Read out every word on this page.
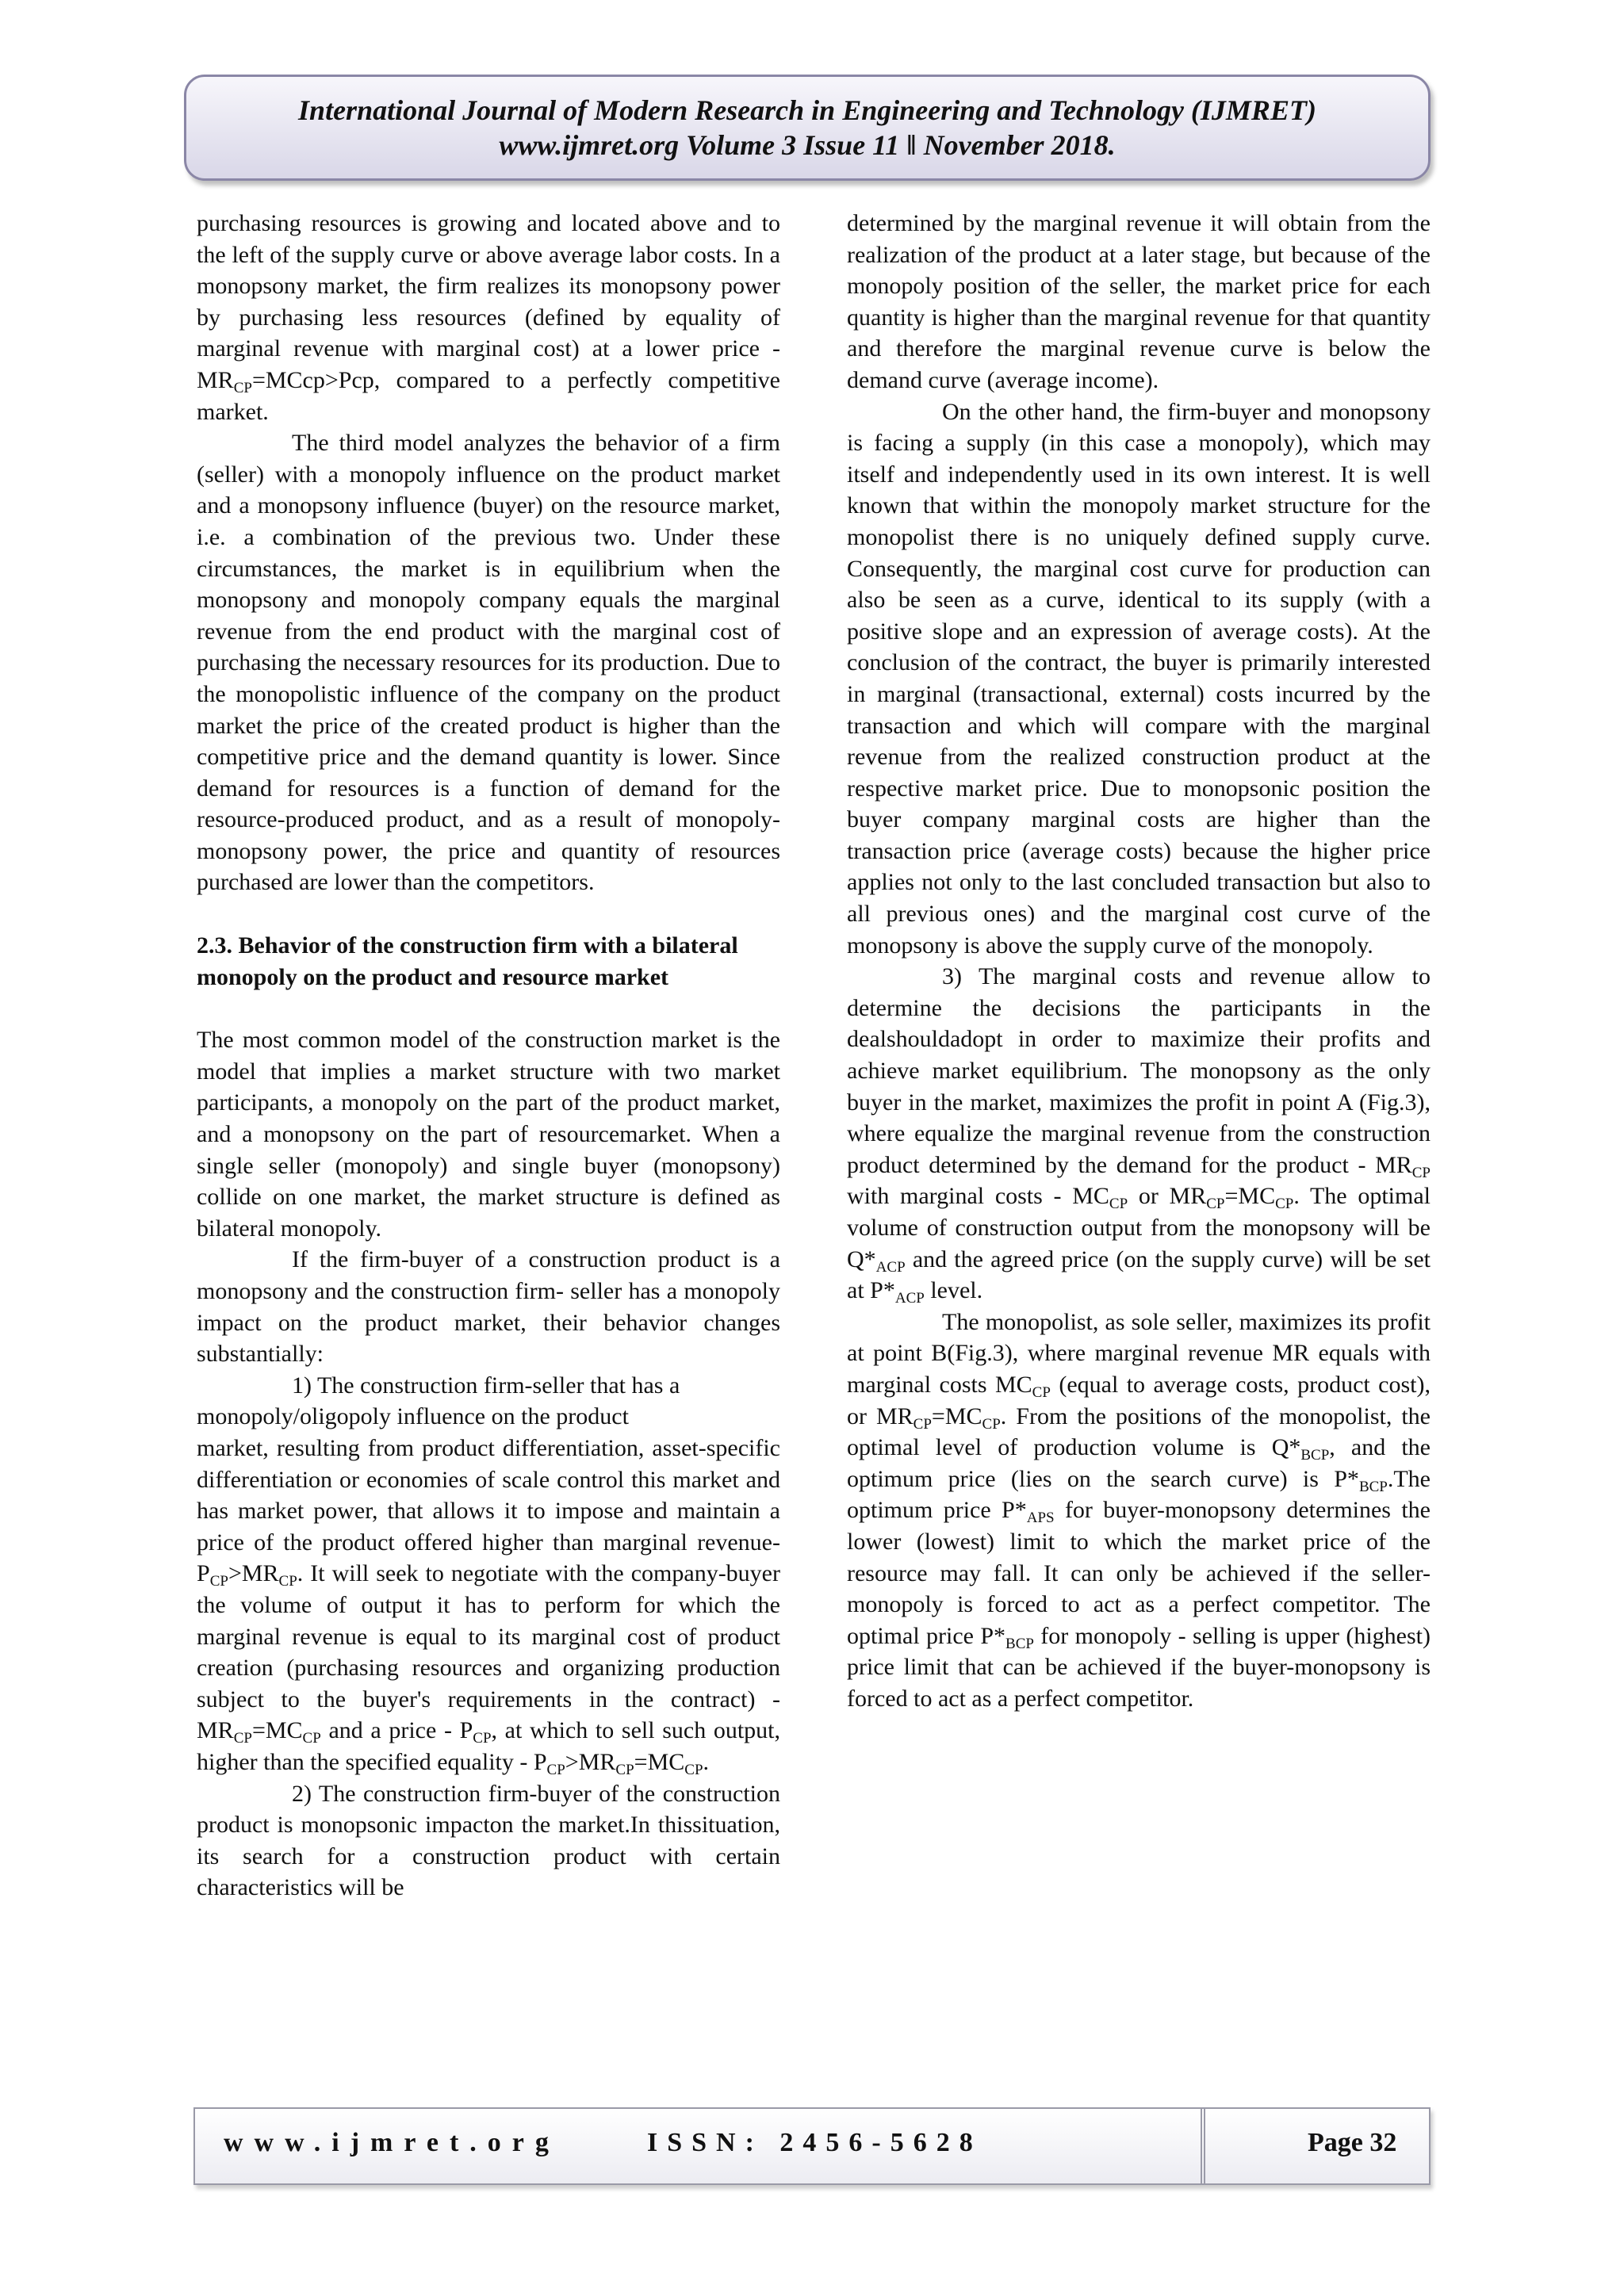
International Journal of Modern Research in Engineering and Technology (IJMRET)
www.ijmret.org Volume 3 Issue 11 ǁ November 2018.

purchasing resources is growing and located above and to the left of the supply curve or above average labor costs. In a monopsony market, the firm realizes its monopsony power by purchasing less resources (defined by equality of marginal revenue with marginal cost) at a lower price - $MR_{CP}=MCcp>Pcp$, compared to a perfectly competitive market.

The third model analyzes the behavior of a firm (seller) with a monopoly influence on the product market and a monopsony influence (buyer) on the resource market, i.e. a combination of the previous two. Under these circumstances, the market is in equilibrium when the monopsony and monopoly company equals the marginal revenue from the end product with the marginal cost of purchasing the necessary resources for its production. Due to the monopolistic influence of the company on the product market the price of the created product is higher than the competitive price and the demand quantity is lower. Since demand for resources is a function of demand for the resource-produced product, and as a result of monopoly-monopsony power, the price and quantity of resources purchased are lower than the competitors.

2.3. Behavior of the construction firm with a bilateral monopoly on the product and resource market

The most common model of the construction market is the model that implies a market structure with two market participants, a monopoly on the part of the product market, and a monopsony on the part of resourcemarket. When a single seller (monopoly) and single buyer (monopsony) collide on one market, the market structure is defined as bilateral monopoly.

If the firm-buyer of a construction product is a monopsony and the construction firm- seller has a monopoly impact on the product market, their behavior changes substantially:

1) The construction firm-seller that has a monopoly/oligopoly influence on the product

market, resulting from product differentiation, asset-specific differentiation or economies of scale control this market and has market power, that allows it to impose and maintain a price of the product offered higher than marginal revenue- $P_{CP}>MR_{CP}$. It will seek to negotiate with the company-buyer the volume of output it has to perform for which the marginal revenue is equal to its marginal cost of product creation (purchasing resources and organizing production subject to the buyer's requirements in the contract) - $MR_{CP}=MC_{CP}$ and a price - $P_{CP}$, at which to sell such output, higher than the specified equality - $P_{CP}>MR_{CP}=MC_{CP}$.

2) The construction firm-buyer of the construction product is monopsonic impacton the market.In thissituation, its search for a construction product with certain characteristics will be

determined by the marginal revenue it will obtain from the realization of the product at a later stage, but because of the monopoly position of the seller, the market price for each quantity is higher than the marginal revenue for that quantity and therefore the marginal revenue curve is below the demand curve (average income).

On the other hand, the firm-buyer and monopsony is facing a supply (in this case a monopoly), which may itself and independently used in its own interest. It is well known that within the monopoly market structure for the monopolist there is no uniquely defined supply curve. Consequently, the marginal cost curve for production can also be seen as a curve, identical to its supply (with a positive slope and an expression of average costs). At the conclusion of the contract, the buyer is primarily interested in marginal (transactional, external) costs incurred by the transaction and which will compare with the marginal revenue from the realized construction product at the respective market price. Due to monopsonic position the buyer company marginal costs are higher than the transaction price (average costs) because the higher price applies not only to the last concluded transaction but also to all previous ones) and the marginal cost curve of the monopsony is above the supply curve of the monopoly.

3) The marginal costs and revenue allow to determine the decisions the participants in the dealshouldadopt in order to maximize their profits and achieve market equilibrium. The monopsony as the only buyer in the market, maximizes the profit in point A (Fig.3), where equalize the marginal revenue from the construction product determined by the demand for the product - $MR_{CP}$ with marginal costs - $MC_{CP}$ or $MR_{CP}=MC_{CP}$. The optimal volume of construction output from the monopsony will be $Q*_{ACP}$ and the agreed price (on the supply curve) will be set at $P*_{ACP}$ level.

The monopolist, as sole seller, maximizes its profit at point B(Fig.3), where marginal revenue MR equals with marginal costs $MC_{CP}$ (equal to average costs, product cost), or $MR_{CP}=MC_{CP}$. From the positions of the monopolist, the optimal level of production volume is $Q*_{BCP}$, and the optimum price (lies on the search curve) is $P*_{BCP}.The$ optimum price $P*_{APS}$ for buyer-monopsony determines the lower (lowest) limit to which the market price of the resource may fall. It can only be achieved if the seller-monopoly is forced to act as a perfect competitor. The optimal price $P*_{BCP}$ for monopoly - selling is upper (highest) price limit that can be achieved if the buyer-monopsony is forced to act as a perfect competitor.

www.ijmret.org	ISSN: 2456-5628	Page 32
